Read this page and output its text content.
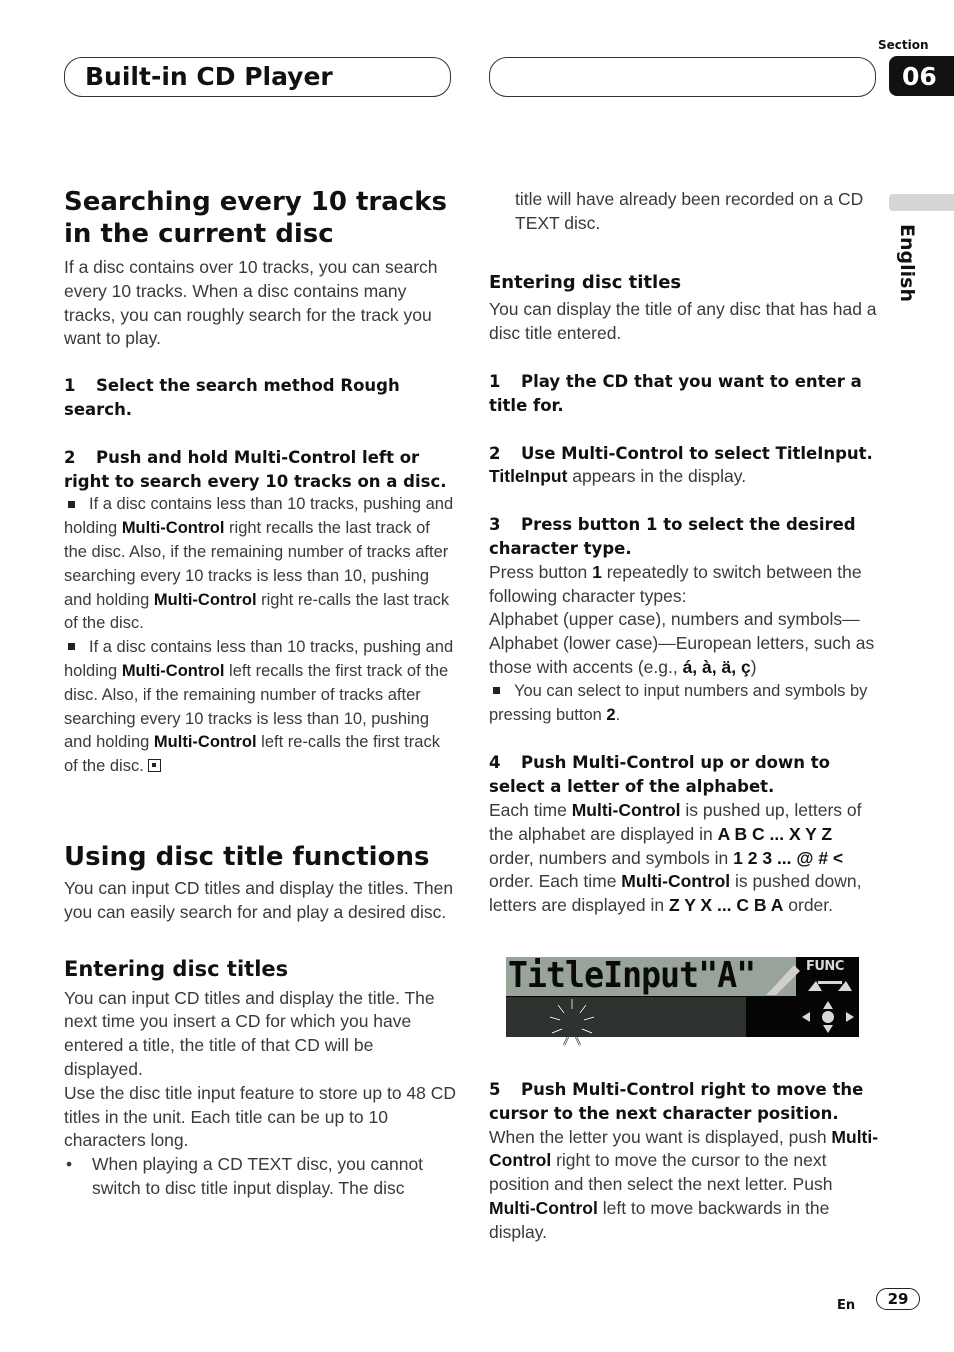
Built-in CD Player
Section
06
English
Searching every 10 tracks in the current disc

If a disc contains over 10 tracks, you can search every 10 tracks. When a disc contains many tracks, you can roughly search for the track you want to play.

1 Select the search method Rough search.

2 Push and hold Multi-Control left or right to search every 10 tracks on a disc.

If a disc contains less than 10 tracks, pushing and holding Multi-Control right recalls the last track of the disc. Also, if the remaining number of tracks after searching every 10 tracks is less than 10, pushing and holding Multi-Control right re-calls the last track of the disc.

If a disc contains less than 10 tracks, pushing and holding Multi-Control left recalls the first track of the disc. Also, if the remaining number of tracks after searching every 10 tracks is less than 10, pushing and holding Multi-Control left re-calls the first track of the disc.

Using disc title functions

You can input CD titles and display the titles. Then you can easily search for and play a desired disc.

Entering disc titles

You can input CD titles and display the title. The next time you insert a CD for which you have entered a title, the title of that CD will be displayed.

Use the disc title input feature to store up to 48 CD titles in the unit. Each title can be up to 10 characters long.

•	When playing a CD TEXT disc, you cannot switch to disc title input display. The disc

title will have already been recorded on a CD TEXT disc.

Entering disc titles

You can display the title of any disc that has had a disc title entered.

1 Play the CD that you want to enter a title for.

2 Use Multi-Control to select TitleInput.

TitleInput appears in the display.

3 Press button 1 to select the desired character type.

Press button 1 repeatedly to switch between the following character types:

Alphabet (upper case), numbers and symbols—Alphabet (lower case)—European letters, such as those with accents (e.g., á, à, ä, ç)

You can select to input numbers and symbols by pressing button 2.

4 Push Multi-Control up or down to select a letter of the alphabet.

Each time Multi-Control is pushed up, letters of the alphabet are displayed in A B C ... X Y Z order, numbers and symbols in 1 2 3 ... @ # < order. Each time Multi-Control is pushed down, letters are displayed in Z Y X ... C B A order.

TitleInput"A"	FUNC

5 Push Multi-Control right to move the cursor to the next character position.

When the letter you want is displayed, push Multi-Control right to move the cursor to the next position and then select the next letter. Push Multi-Control left to move backwards in the display.

En	29
